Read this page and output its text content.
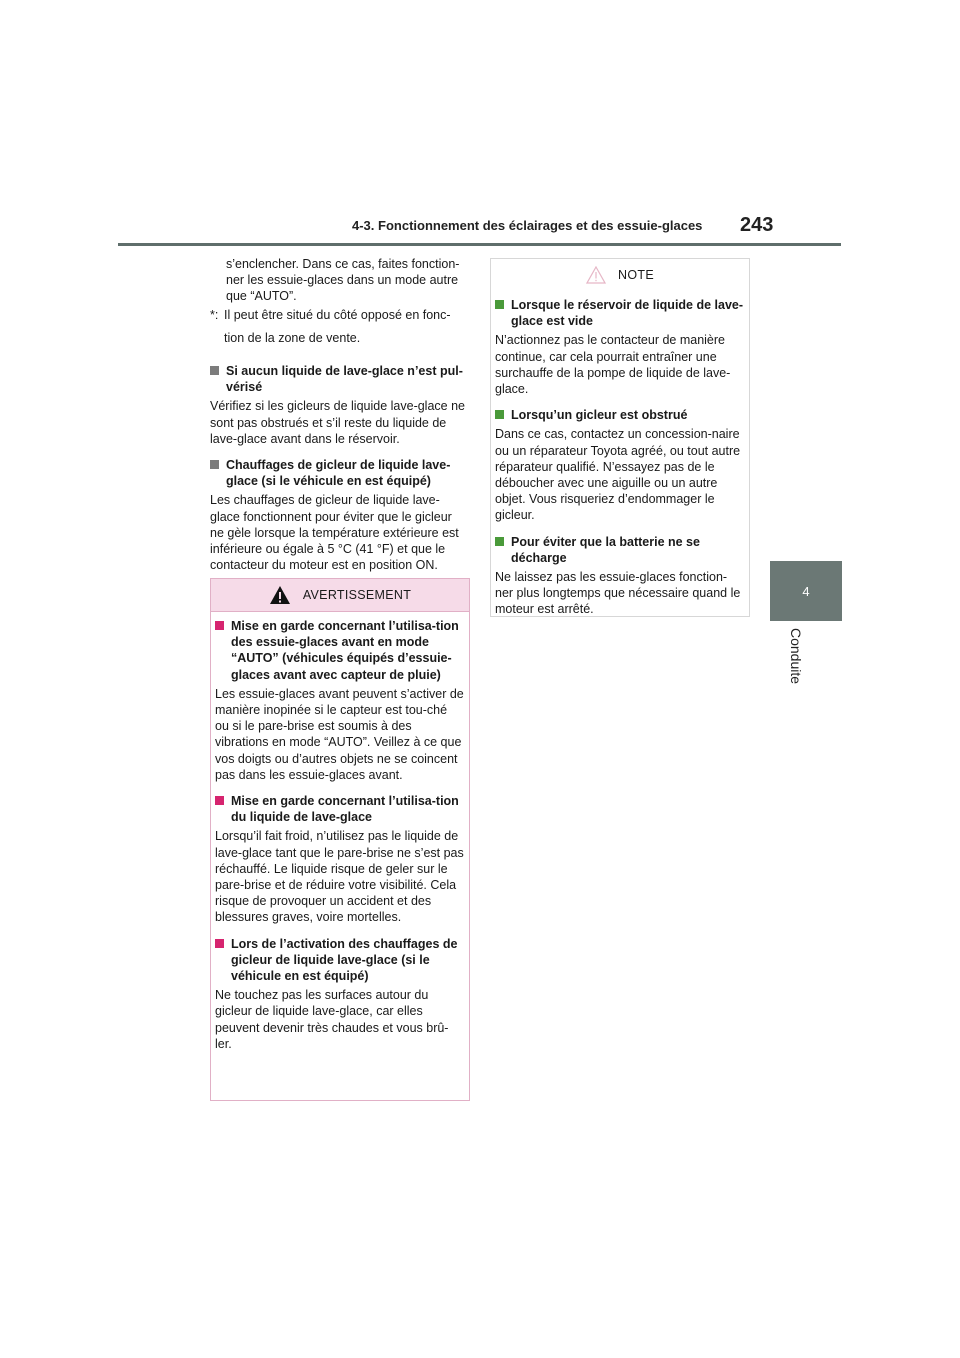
4-3. Fonctionnement des éclairages et des essuie-glaces 243
4
Conduite

s’enclencher. Dans ce cas, faites fonction-ner les essuie-glaces dans un mode autre que “AUTO”.

*: Il peut être situé du côté opposé en fonc-

tion de la zone de vente.

Si aucun liquide de lave-glace n’est pul-vérisé

Vérifiez si les gicleurs de liquide lave-glace ne sont pas obstrués et s’il reste du liquide de lave-glace avant dans le réservoir.

Chauffages de gicleur de liquide lave-glace (si le véhicule en est équipé)

Les chauffages de gicleur de liquide lave-glace fonctionnent pour éviter que le gicleur ne gèle lorsque la température extérieure est inférieure ou égale à 5 °C (41 °F) et que le contacteur du moteur est en position ON.

AVERTISSEMENT
Mise en garde concernant l’utilisa-tion des essuie-glaces avant en mode “AUTO” (véhicules équipés d’essuie-glaces avant avec capteur de pluie)

Les essuie-glaces avant peuvent s’activer de manière inopinée si le capteur est tou-ché ou si le pare-brise est soumis à des vibrations en mode “AUTO”. Veillez à ce que vos doigts ou d’autres objets ne se coincent pas dans les essuie-glaces avant.

Mise en garde concernant l’utilisa-tion du liquide de lave-glace

Lorsqu’il fait froid, n’utilisez pas le liquide de lave-glace tant que le pare-brise ne s’est pas réchauffé. Le liquide risque de geler sur le pare-brise et de réduire votre visibilité. Cela risque de provoquer un accident et des blessures graves, voire mortelles.

Lors de l’activation des chauffages de gicleur de liquide lave-glace (si le véhicule en est équipé)

Ne touchez pas les surfaces autour du gicleur de liquide lave-glace, car elles peuvent devenir très chaudes et vous brû-ler.

NOTE
Lorsque le réservoir de liquide de lave-glace est vide

N’actionnez pas le contacteur de manière continue, car cela pourrait entraîner une surchauffe de la pompe de liquide de lave-glace.

Lorsqu’un gicleur est obstrué

Dans ce cas, contactez un concession-naire ou un réparateur Toyota agréé, ou tout autre réparateur qualifié. N’essayez pas de le déboucher avec une aiguille ou un autre objet. Vous risqueriez d’endommager le gicleur.

Pour éviter que la batterie ne se décharge

Ne laissez pas les essuie-glaces fonction-ner plus longtemps que nécessaire quand le moteur est arrêté.
